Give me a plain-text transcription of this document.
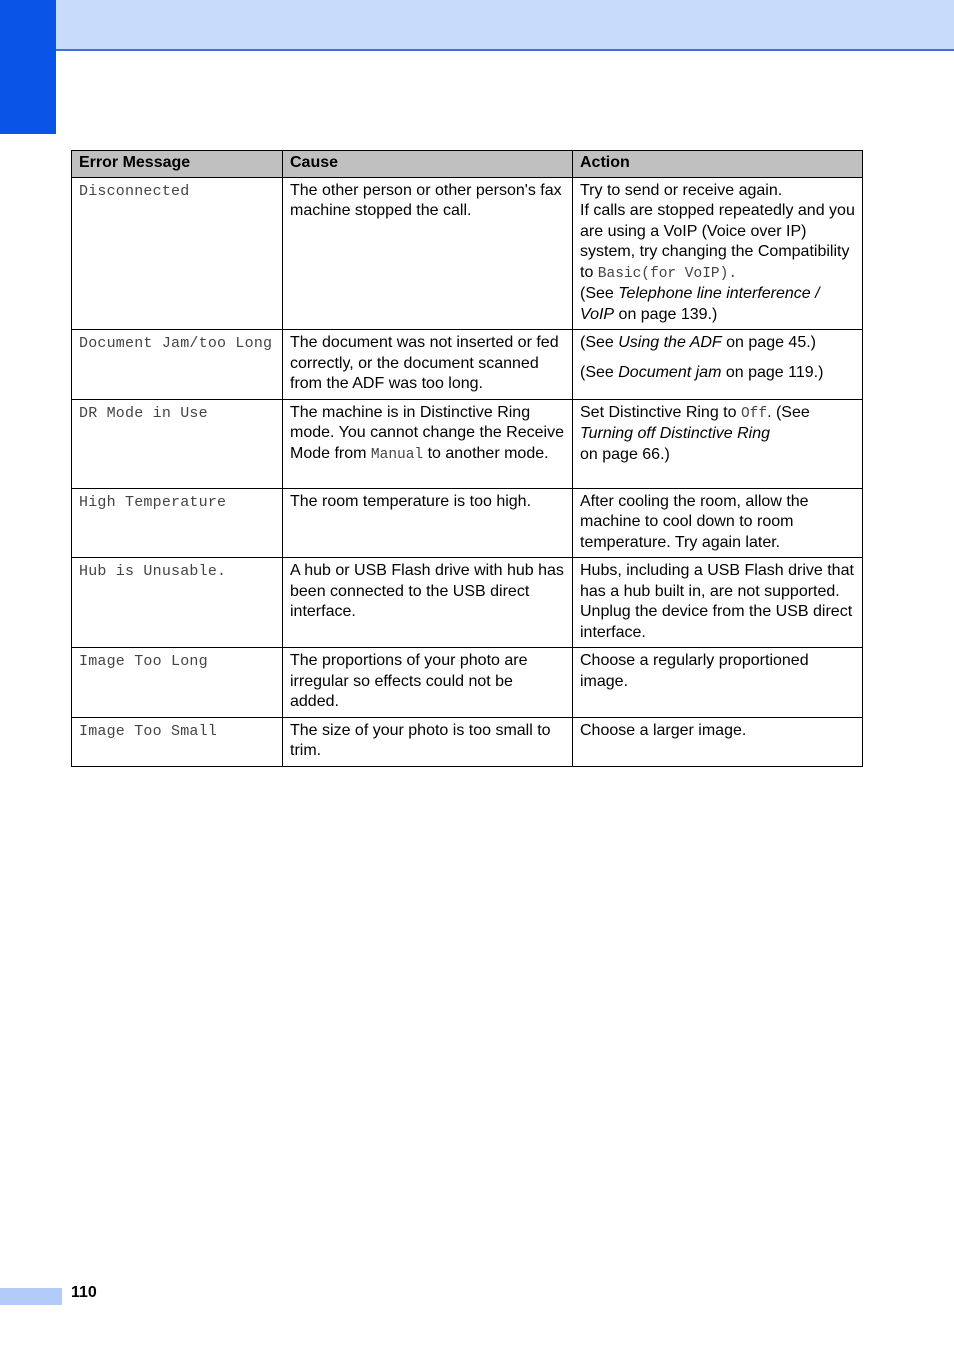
Error Message	Cause	Action
Disconnected	The other person or other person's fax machine stopped the call.	Try to send or receive again.
If calls are stopped repeatedly and you are using a VoIP (Voice over IP) system, try changing the Compatibility to Basic(for VoIP).
(See Telephone line interference / VoIP on page 139.)
Document Jam/too Long	The document was not inserted or fed correctly, or the document scanned from the ADF was too long.	(See Using the ADF on page 45.)
(See Document jam on page 119.)
DR Mode in Use	The machine is in Distinctive Ring mode. You cannot change the Receive Mode from Manual to another mode.	Set Distinctive Ring to Off. (See
Turning off Distinctive Ring
on page 66.)
High Temperature	The room temperature is too high.	After cooling the room, allow the machine to cool down to room temperature. Try again later.
Hub is Unusable.	A hub or USB Flash drive with hub has been connected to the USB direct interface.	Hubs, including a USB Flash drive that has a hub built in, are not supported. Unplug the device from the USB direct interface.
Image Too Long	The proportions of your photo are irregular so effects could not be added.	Choose a regularly proportioned image.
Image Too Small	The size of your photo is too small to trim.	Choose a larger image.
110
